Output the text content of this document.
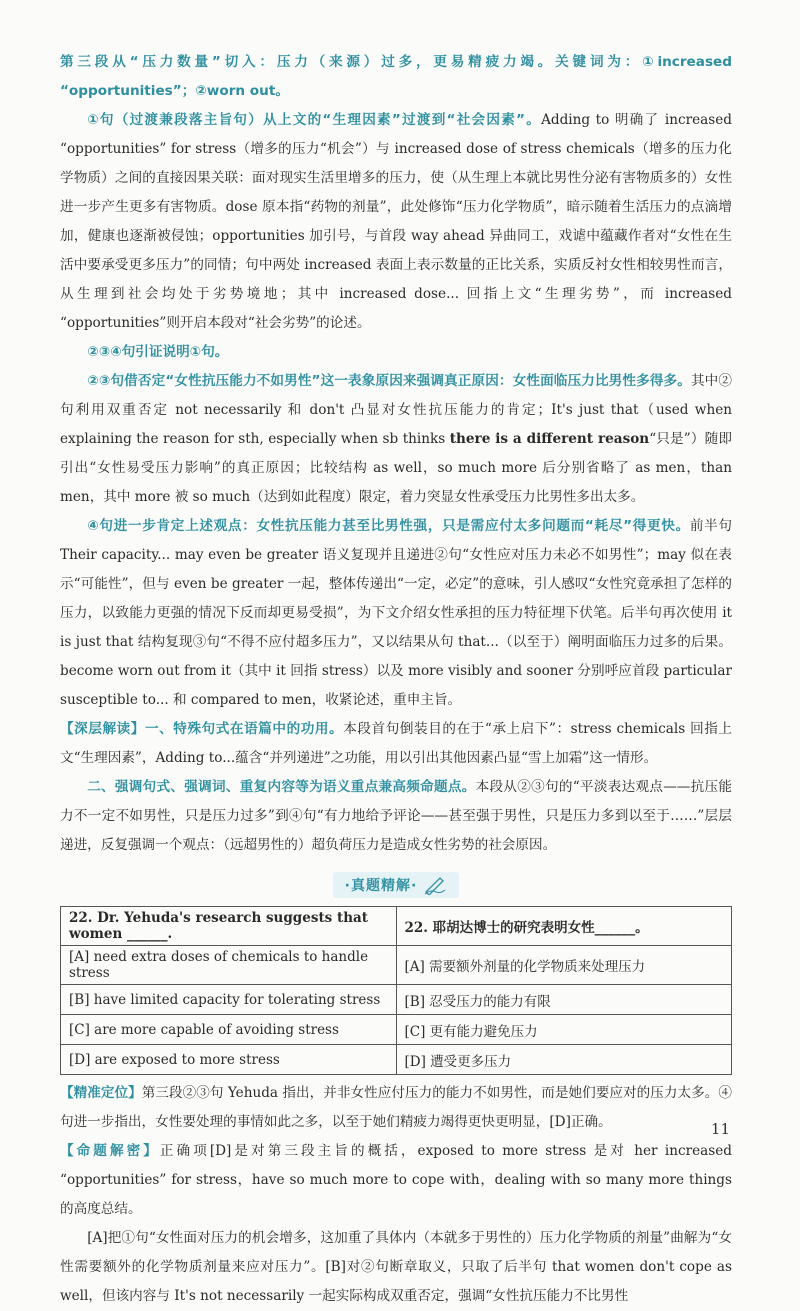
第三段从“压力数量”切入：压力（来源）过多，更易精疲力竭。关键词为：①increased “opportunities”；②worn out。

①句（过渡兼段落主旨句）从上文的“生理因素”过渡到“社会因素”。Adding to 明确了 increased “opportunities” for stress（增多的压力“机会”）与 increased dose of stress chemicals（增多的压力化学物质）之间的直接因果关联：面对现实生活里增多的压力，使（从生理上本就比男性分泌有害物质多的）女性进一步产生更多有害物质。dose 原本指“药物的剂量”，此处修饰“压力化学物质”，暗示随着生活压力的点滴增加，健康也逐渐被侵蚀；opportunities 加引号，与首段 way ahead 异曲同工，戏谑中蕴藏作者对“女性在生活中要承受更多压力”的同情；句中两处 increased 表面上表示数量的正比关系，实质反衬女性相较男性而言，从生理到社会均处于劣势境地；其中 increased dose... 回指上文“生理劣势”，而 increased “opportunities”则开启本段对“社会劣势”的论述。

②③④句引证说明①句。

②③句借否定“女性抗压能力不如男性”这一表象原因来强调真正原因：女性面临压力比男性多得多。其中②句利用双重否定 not necessarily 和 don't 凸显对女性抗压能力的肯定；It's just that（used when explaining the reason for sth, especially when sb thinks there is a different reason“只是”）随即引出“女性易受压力影响”的真正原因；比较结构 as well，so much more 后分别省略了 as men，than men，其中 more 被 so much（达到如此程度）限定，着力突显女性承受压力比男性多出太多。

④句进一步肯定上述观点：女性抗压能力甚至比男性强，只是需应付太多问题而“耗尽”得更快。前半句 Their capacity... may even be greater 语义复现并且递进②句“女性应对压力未必不如男性”；may 似在表示“可能性”，但与 even be greater 一起，整体传递出“一定，必定”的意味，引人感叹“女性究竟承担了怎样的压力，以致能力更强的情况下反而却更易受损”，为下文介绍女性承担的压力特征埋下伏笔。后半句再次使用 it is just that 结构复现③句“不得不应付超多压力”，又以结果从句 that...（以至于）阐明面临压力过多的后果。become worn out from it（其中 it 回指 stress）以及 more visibly and sooner 分别呼应首段 particular susceptible to... 和 compared to men，收紧论述，重申主旨。

【深层解读】一、特殊句式在语篇中的功用。本段首句倒装目的在于“承上启下”：stress chemicals 回指上文“生理因素”，Adding to...蕴含“并列递进”之功能，用以引出其他因素凸显“雪上加霜”这一情形。

二、强调句式、强调词、重复内容等为语义重点兼高频命题点。本段从②③句的“平淡表达观点——抗压能力不一定不如男性，只是压力过多”到④句“有力地给予评论——甚至强于男性，只是压力多到以至于……”层层递进，反复强调一个观点：（远超男性的）超负荷压力是造成女性劣势的社会原因。

·真题精解·
22. Dr. Yehuda's research suggests that women ______.	22. 耶胡达博士的研究表明女性______。
[A] need extra doses of chemicals to handle stress	[A] 需要额外剂量的化学物质来处理压力
[B] have limited capacity for tolerating stress	[B] 忍受压力的能力有限
[C] are more capable of avoiding stress	[C] 更有能力避免压力
[D] are exposed to more stress	[D] 遭受更多压力

【精准定位】第三段②③句 Yehuda 指出，并非女性应付压力的能力不如男性，而是她们要应对的压力太多。④句进一步指出，女性要处理的事情如此之多，以至于她们精疲力竭得更快更明显，[D]正确。

【命题解密】正确项[D]是对第三段主旨的概括，exposed to more stress 是对 her increased “opportunities” for stress，have so much more to cope with，dealing with so many more things 的高度总结。

[A]把①句“女性面对压力的机会增多，这加重了具体内（本就多于男性的）压力化学物质的剂量”曲解为“女性需要额外的化学物质剂量来应对压力”。[B]对②句断章取义，只取了后半句 that women don't cope as well，但该内容与 It's not necessarily 一起实际构成双重否定，强调“女性抗压能力不比男性

11
